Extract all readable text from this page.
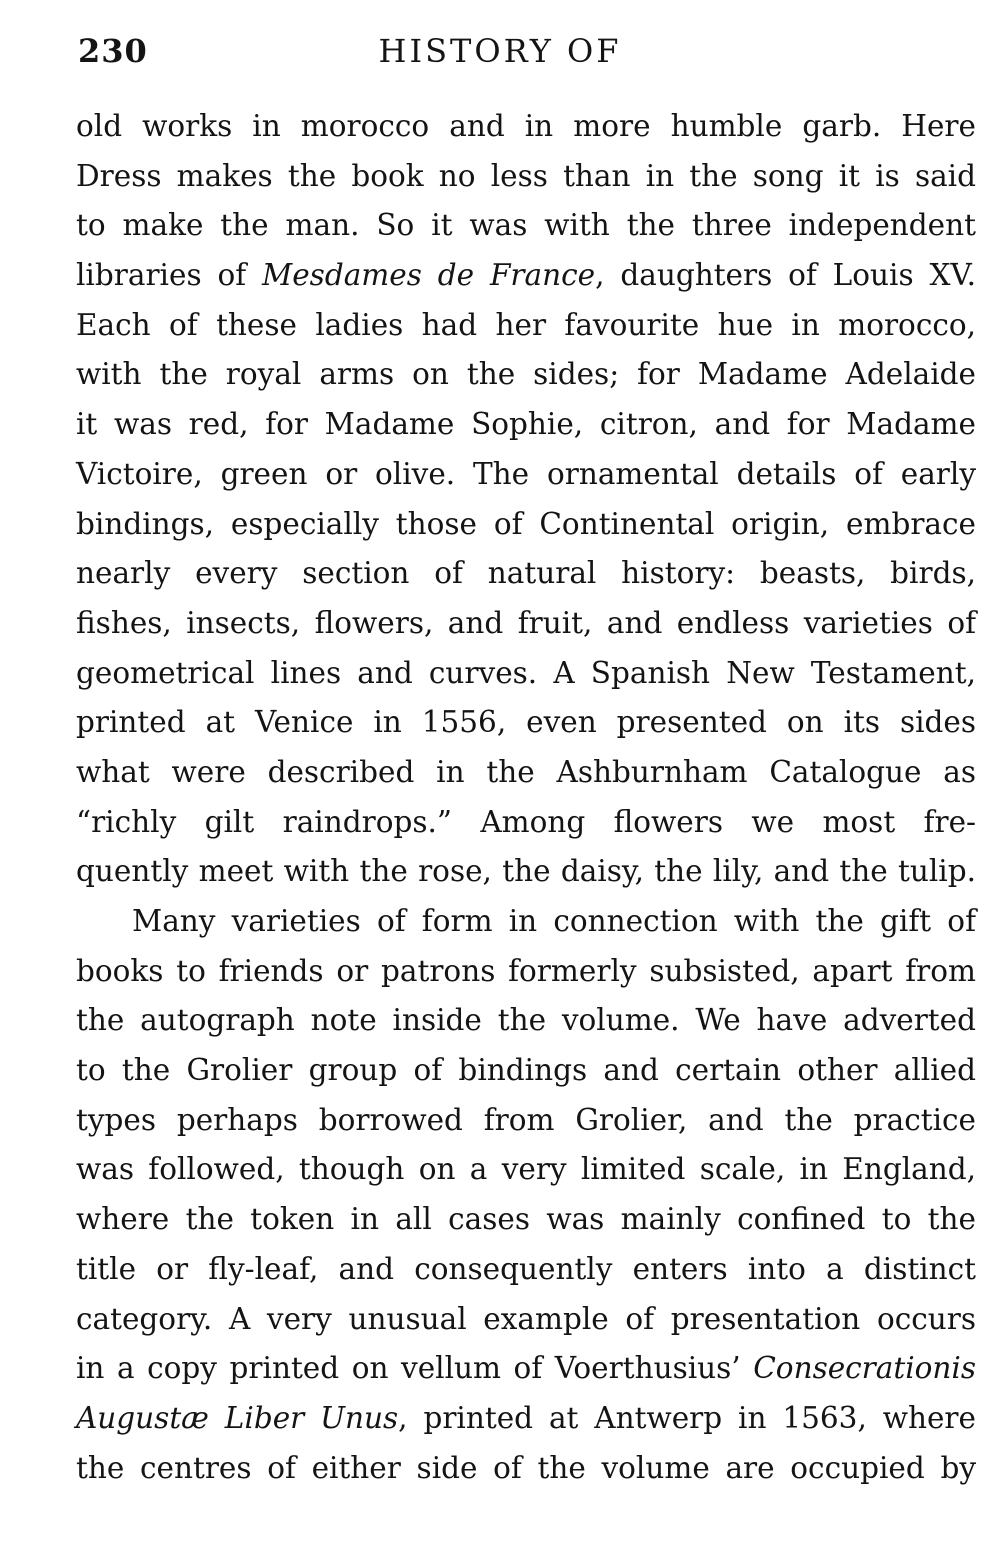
230	HISTORY OF
old works in morocco and in more humble garb. Here
Dress makes the book no less than in the song it is said
to make the man. So it was with the three independent
libraries of Mesdames de France, daughters of Louis XV.
Each of these ladies had her favourite hue in morocco,
with the royal arms on the sides; for Madame Adelaide
it was red, for Madame Sophie, citron, and for Madame
Victoire, green or olive. The ornamental details of early
bindings, especially those of Continental origin, embrace
nearly every section of natural history: beasts, birds,
fishes, insects, flowers, and fruit, and endless varieties of
geometrical lines and curves. A Spanish New Testament,
printed at Venice in 1556, even presented on its sides
what were described in the Ashburnham Catalogue as
“richly gilt raindrops.” Among flowers we most fre-
quently meet with the rose, the daisy, the lily, and the tulip.
Many varieties of form in connection with the gift of
books to friends or patrons formerly subsisted, apart from
the autograph note inside the volume. We have adverted
to the Grolier group of bindings and certain other allied
types perhaps borrowed from Grolier, and the practice
was followed, though on a very limited scale, in England,
where the token in all cases was mainly confined to the
title or fly-leaf, and consequently enters into a distinct
category. A very unusual example of presentation occurs
in a copy printed on vellum of Voerthusius’ Consecrationis
Augustæ Liber Unus, printed at Antwerp in 1563, where
the centres of either side of the volume are occupied by
